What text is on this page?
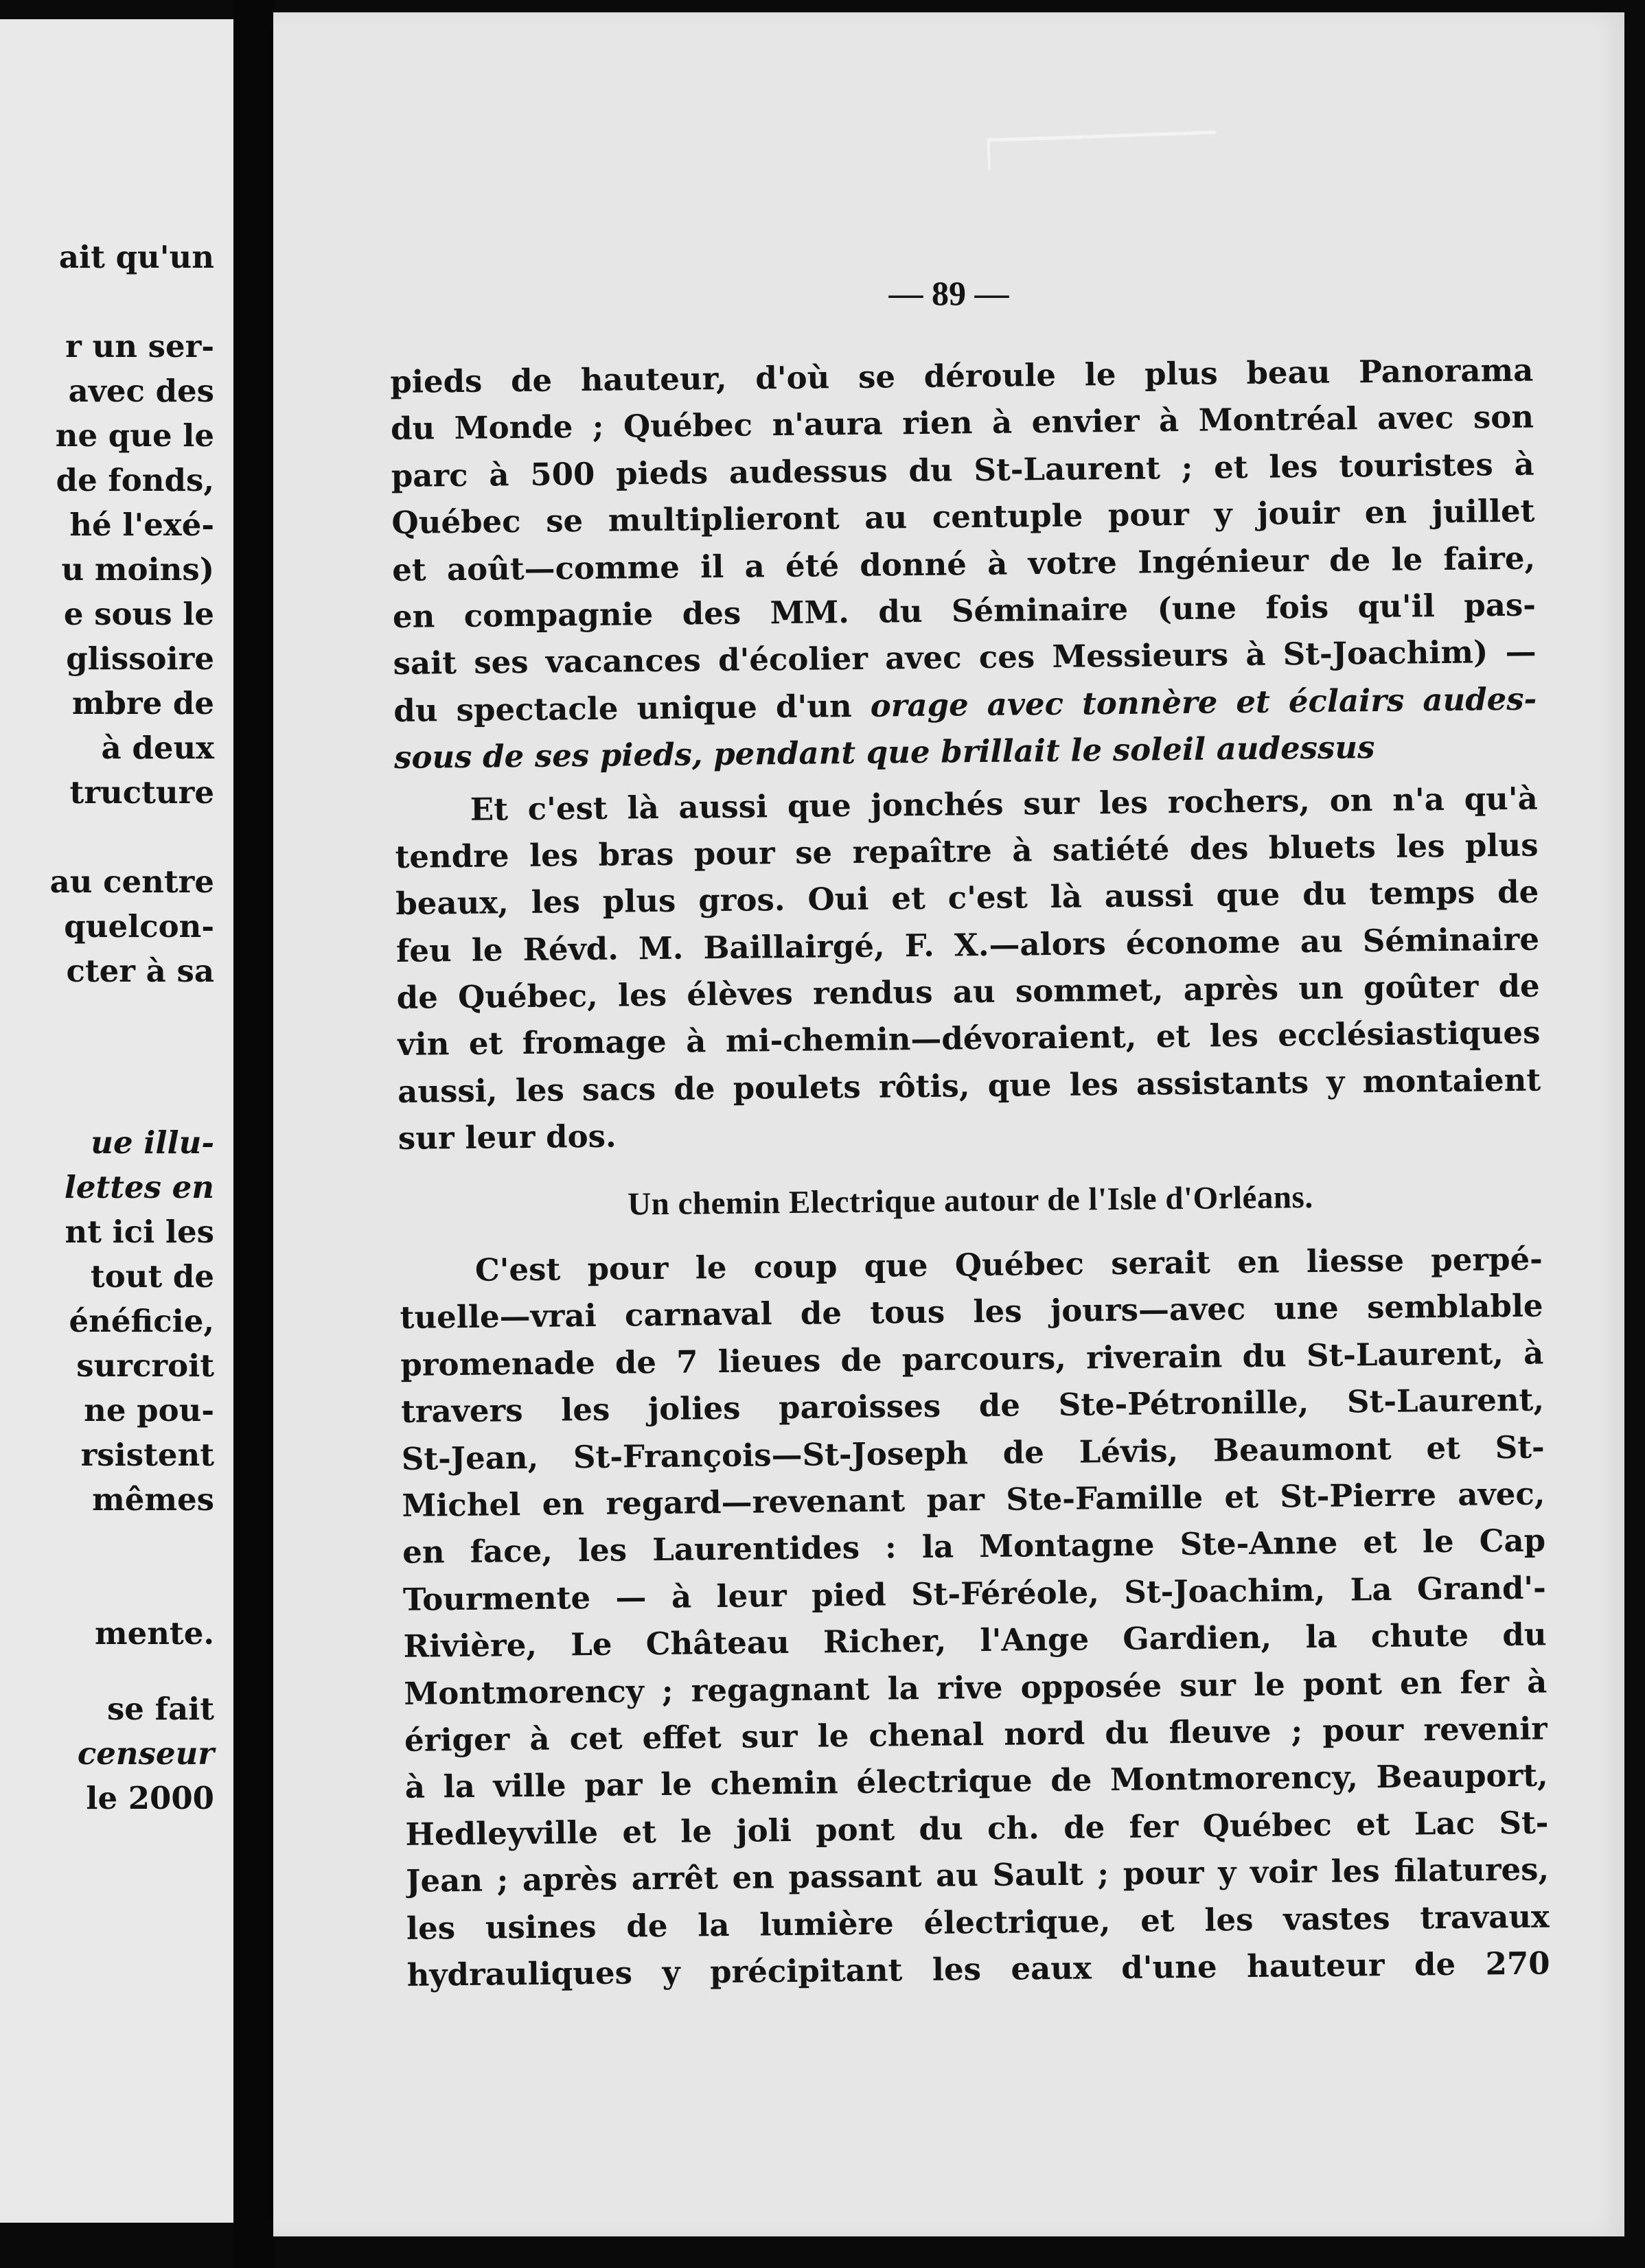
ait qu'un
r un ser-
avec des
ne que le
de fonds,
hé l'exé-
u moins)
e sous le
glissoire
mbre de
à deux
tructure
au centre
quelcon-
cter à sa
ue illu-
lettes en
nt ici les
tout de
énéficie,
surcroit
ne pou-
rsistent
mêmes
mente.
se fait
censeur
le 2000
— 89 —
pieds de hauteur, d'où se déroule le plus beau Panorama
du Monde ; Québec n'aura rien à envier à Montréal avec son
parc à 500 pieds audessus du St-Laurent ; et les touristes à
Québec se multiplieront au centuple pour y jouir en juillet
et août—comme il a été donné à votre Ingénieur de le faire,
en compagnie des MM. du Séminaire (une fois qu'il pas-
sait ses vacances d'écolier avec ces Messieurs à St-Joachim) —
du spectacle unique d'un orage avec tonnère et éclairs audes-
sous de ses pieds, pendant que brillait le soleil audessus
Et c'est là aussi que jonchés sur les rochers, on n'a qu'à
tendre les bras pour se repaître à satiété des bluets les plus
beaux, les plus gros. Oui et c'est là aussi que du temps de
feu le Révd. M. Baillairgé, F. X.—alors économe au Séminaire
de Québec, les élèves rendus au sommet, après un goûter de
vin et fromage à mi-chemin—dévoraient, et les ecclésiastiques
aussi, les sacs de poulets rôtis, que les assistants y montaient
sur leur dos.
Un chemin Electrique autour de l'Isle d'Orléans.
C'est pour le coup que Québec serait en liesse perpé-
tuelle—vrai carnaval de tous les jours—avec une semblable
promenade de 7 lieues de parcours, riverain du St-Laurent, à
travers les jolies paroisses de Ste-Pétronille, St-Laurent,
St-Jean, St-François—St-Joseph de Lévis, Beaumont et St-
Michel en regard—revenant par Ste-Famille et St-Pierre avec,
en face, les Laurentides : la Montagne Ste-Anne et le Cap
Tourmente — à leur pied St-Féréole, St-Joachim, La Grand'-
Rivière, Le Château Richer, l'Ange Gardien, la chute du
Montmorency ; regagnant la rive opposée sur le pont en fer à
ériger à cet effet sur le chenal nord du fleuve ; pour revenir
à la ville par le chemin électrique de Montmorency, Beauport,
Hedleyville et le joli pont du ch. de fer Québec et Lac St-
Jean ; après arrêt en passant au Sault ; pour y voir les filatures,
les usines de la lumière électrique, et les vastes travaux
hydrauliques y précipitant les eaux d'une hauteur de 270
